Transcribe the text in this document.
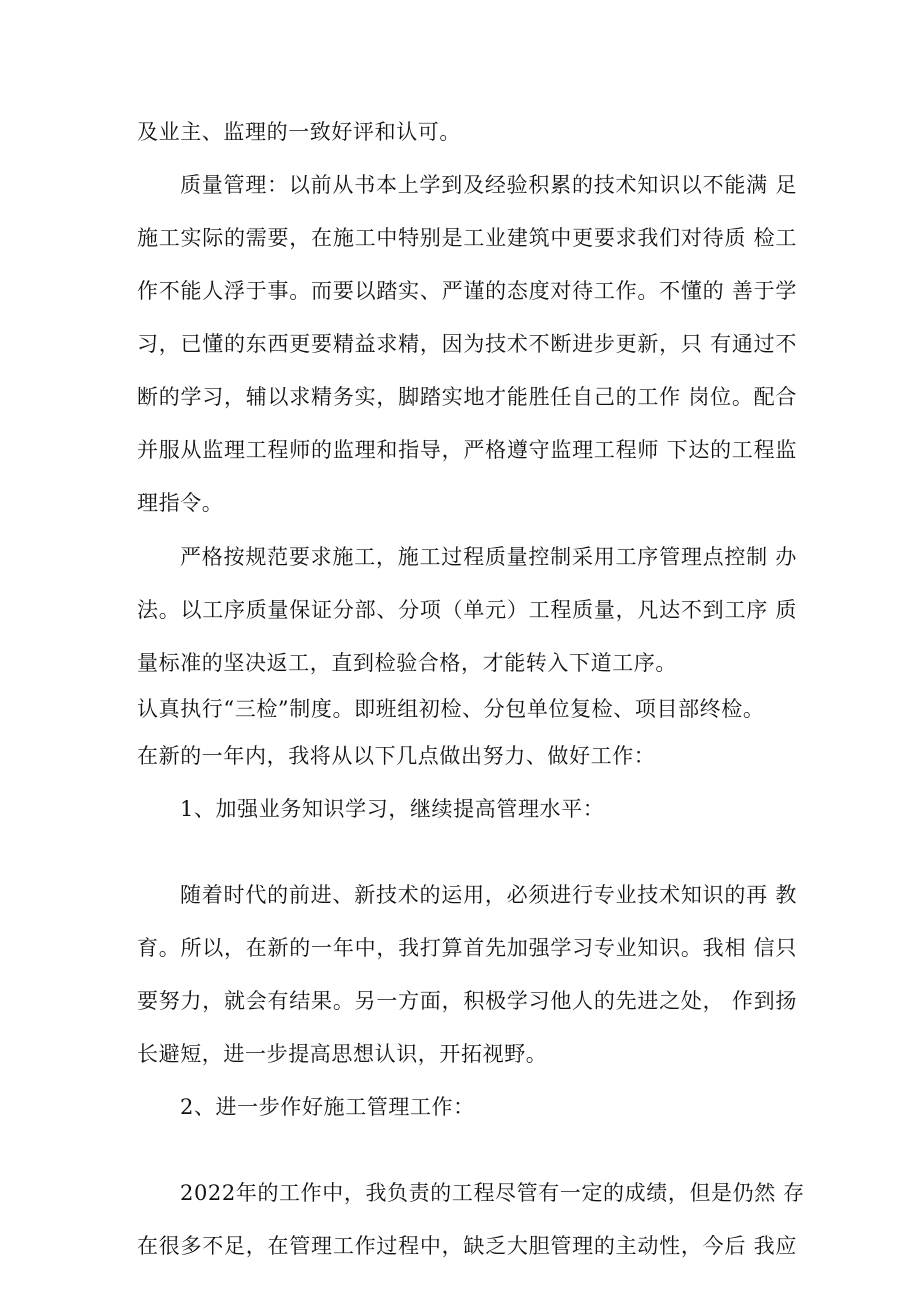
及业主、监理的一致好评和认可。
质量管理：以前从书本上学到及经验积累的技术知识以不能满 足
施工实际的需要，在施工中特别是工业建筑中更要求我们对待质 检工
作不能人浮于事。而要以踏实、严谨的态度对待工作。不懂的 善于学
习，已懂的东西更要精益求精，因为技术不断进步更新，只 有通过不
断的学习，辅以求精务实，脚踏实地才能胜任自己的工作 岗位。配合
并服从监理工程师的监理和指导，严格遵守监理工程师 下达的工程监
理指令。
严格按规范要求施工，施工过程质量控制采用工序管理点控制 办
法。以工序质量保证分部、分项（单元）工程质量，凡达不到工序 质
量标准的坚决返工，直到检验合格，才能转入下道工序。
认真执行“三检”制度。即班组初检、分包单位复检、项目部终检。
在新的一年内，我将从以下几点做出努力、做好工作：
1、加强业务知识学习，继续提高管理水平：
随着时代的前进、新技术的运用，必须进行专业技术知识的再 教
育。所以，在新的一年中，我打算首先加强学习专业知识。我相 信只
要努力，就会有结果。另一方面，积极学习他人的先进之处， 作到扬
长避短，进一步提高思想认识，开拓视野。
2、进一步作好施工管理工作：
2022年的工作中，我负责的工程尽管有一定的成绩，但是仍然 存
在很多不足，在管理工作过程中，缺乏大胆管理的主动性，今后 我应
